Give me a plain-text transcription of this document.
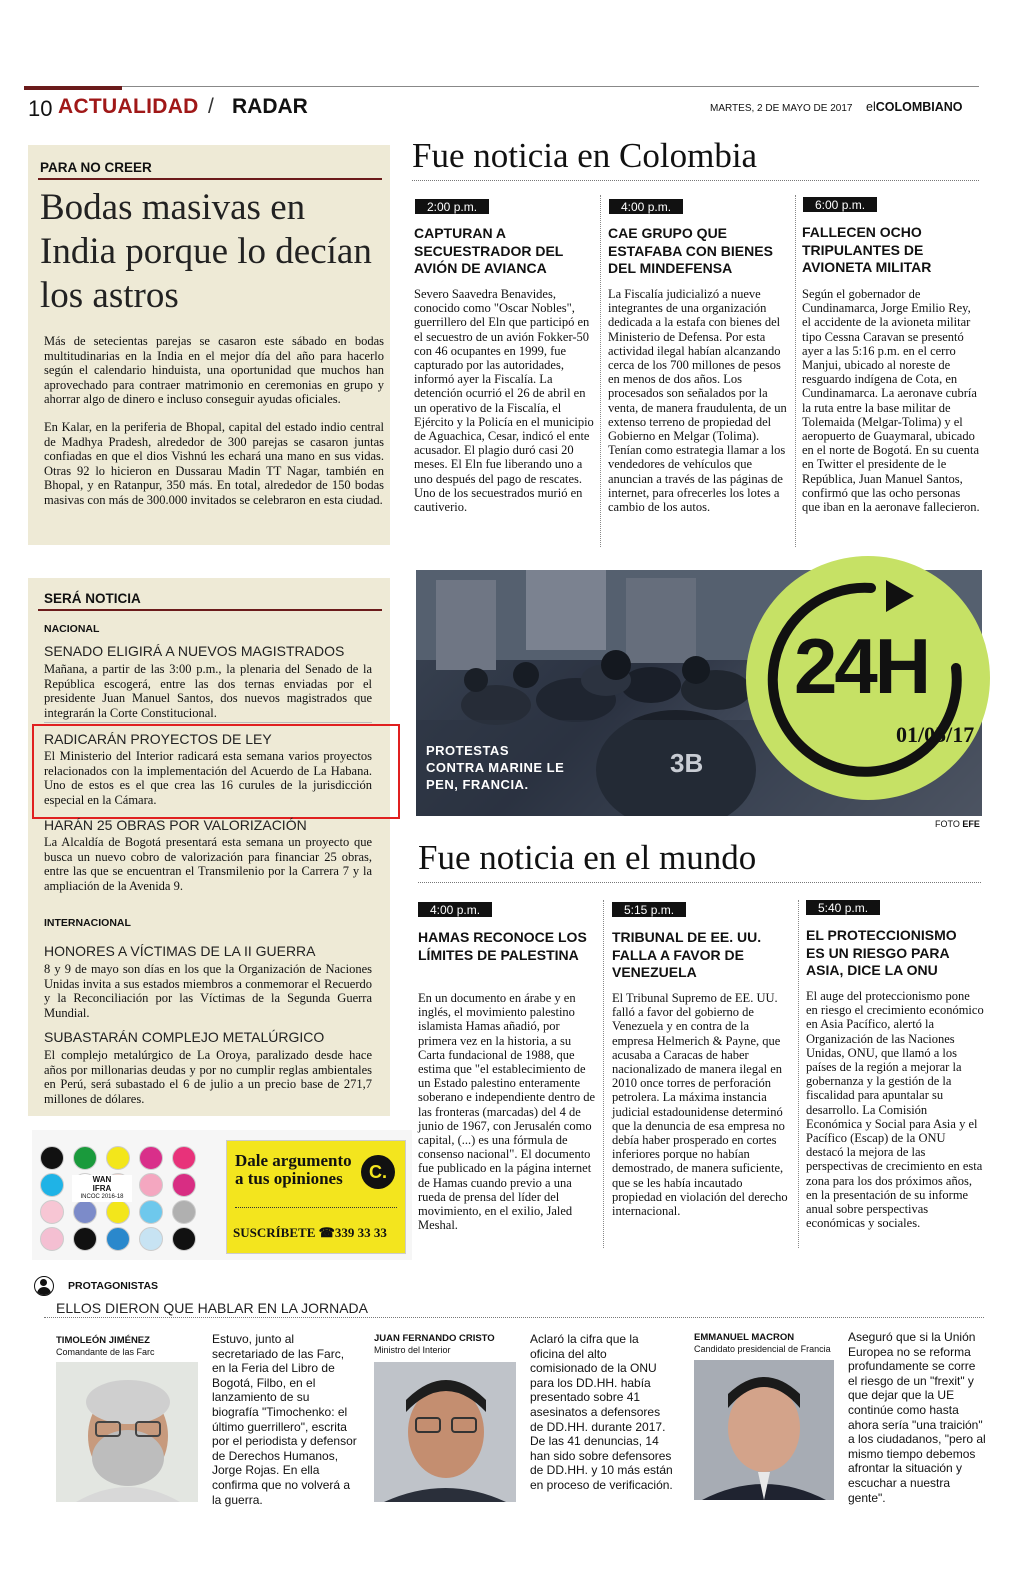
10 ACTUALIDAD / RADAR	MARTES, 2 DE MAYO DE 2017 elCOLOMBIANO
PARA NO CREER
Bodas masivas en India porque lo decían los astros
Más de setecientas parejas se casaron este sábado en bodas multitudinarias en la India en el mejor día del año para hacerlo según el calendario hinduista, una oportunidad que muchos han aprovechado para contraer matrimonio en ceremonias en grupo y ahorrar algo de dinero e incluso conseguir ayudas oficiales.
En Kalar, en la periferia de Bhopal, capital del estado indio central de Madhya Pradesh, alrededor de 300 parejas se casaron juntas confiadas en que el dios Vishnú les echará una mano en sus vidas. Otras 92 lo hicieron en Dussarau Madin TT Nagar, también en Bhopal, y en Ratanpur, 350 más. En total, alrededor de 150 bodas masivas con más de 300.000 invitados se celebraron en esta ciudad.
Fue noticia en Colombia
2:00 p.m.
CAPTURAN A SECUESTRADOR DEL AVIÓN DE AVIANCA
Severo Saavedra Benavides, conocido como "Oscar Nobles", guerrillero del Eln que participó en el secuestro de un avión Fokker-50 con 46 ocupantes en 1999, fue capturado por las autoridades, informó ayer la Fiscalía. La detención ocurrió el 26 de abril en un operativo de la Fiscalía, el Ejército y la Policía en el municipio de Aguachica, Cesar, indicó el ente acusador. El plagio duró casi 20 meses. El Eln fue liberando uno a uno después del pago de rescates. Uno de los secuestrados murió en cautiverio.
4:00 p.m.
CAE GRUPO QUE ESTAFABA CON BIENES DEL MINDEFENSA
La Fiscalía judicializó a nueve integrantes de una organización dedicada a la estafa con bienes del Ministerio de Defensa. Por esta actividad ilegal habían alcanzando cerca de los 700 millones de pesos en menos de dos años. Los procesados son señalados por la venta, de manera fraudulenta, de un extenso terreno de propiedad del Gobierno en Melgar (Tolima). Tenían como estrategia llamar a los vendedores de vehículos que anuncian a través de las páginas de internet, para ofrecerles los lotes a cambio de los autos.
6:00 p.m.
FALLECEN OCHO TRIPULANTES DE AVIONETA MILITAR
Según el gobernador de Cundinamarca, Jorge Emilio Rey, el accidente de la avioneta militar tipo Cessna Caravan se presentó ayer a las 5:16 p.m. en el cerro Manjui, ubicado al noreste de resguardo indígena de Cota, en Cundinamarca. La aeronave cubría la ruta entre la base militar de Tolemaida (Melgar-Tolima) y el aeropuerto de Guaymaral, ubicado en el norte de Bogotá. En su cuenta en Twitter el presidente de le República, Juan Manuel Santos, confirmó que las ocho personas que iban en la aeronave fallecieron.
SERÁ NOTICIA
NACIONAL
SENADO ELIGIRÁ A NUEVOS MAGISTRADOS
Mañana, a partir de las 3:00 p.m., la plenaria del Senado de la República escogerá, entre las dos ternas enviadas por el presidente Juan Manuel Santos, dos nuevos magistrados que integrarán la Corte Constitucional.
RADICARÁN PROYECTOS DE LEY
El Ministerio del Interior radicará esta semana varios proyectos relacionados con la implementación del Acuerdo de La Habana. Uno de estos es el que crea las 16 curules de la jurisdicción especial en la Cámara.
HARÁN 25 OBRAS POR VALORIZACIÓN
La Alcaldía de Bogotá presentará esta semana un proyecto que busca un nuevo cobro de valorización para financiar 25 obras, entre las que se encuentran el Transmilenio por la Carrera 7 y la ampliación de la Avenida 9.
INTERNACIONAL
HONORES A VÍCTIMAS DE LA II GUERRA
8 y 9 de mayo son días en los que la Organización de Naciones Unidas invita a sus estados miembros a conmemorar el Recuerdo y la Reconciliación por las Víctimas de la Segunda Guerra Mundial.
SUBASTARÁN COMPLEJO METALÚRGICO
El complejo metalúrgico de La Oroya, paralizado desde hace años por millonarias deudas y por no cumplir reglas ambientales en Perú, será subastado el 6 de julio a un precio base de 271,7 millones de dólares.
3B
PROTESTAS CONTRA MARINE LE PEN, FRANCIA.
24H
01/05/17
FOTO EFE
Fue noticia en el mundo
4:00 p.m.
HAMAS RECONOCE LOS LÍMITES DE PALESTINA
En un documento en árabe y en inglés, el movimiento palestino islamista Hamas añadió, por primera vez en la historia, a su Carta fundacional de 1988, que estima que "el establecimiento de un Estado palestino enteramente soberano e independiente dentro de las fronteras (marcadas) del 4 de junio de 1967, con Jerusalén como capital, (...) es una fórmula de consenso nacional". El documento fue publicado en la página internet de Hamas cuando previo a una rueda de prensa del líder del movimiento, en el exilio, Jaled Meshal.
5:15 p.m.
TRIBUNAL DE EE. UU. FALLA A FAVOR DE VENEZUELA
El Tribunal Supremo de EE. UU. falló a favor del gobierno de Venezuela y en contra de la empresa Helmerich & Payne, que acusaba a Caracas de haber nacionalizado de manera ilegal en 2010 once torres de perforación petrolera. La máxima instancia judicial estadounidense determinó que la denuncia de esa empresa no debía haber prosperado en cortes inferiores porque no habían demostrado, de manera suficiente, que se les había incautado propiedad en violación del derecho internacional.
5:40 p.m.
EL PROTECCIONISMO ES UN RIESGO PARA ASIA, DICE LA ONU
El auge del proteccionismo pone en riesgo el crecimiento económico en Asia Pacífico, alertó la Organización de las Naciones Unidas, ONU, que llamó a los países de la región a mejorar la gobernanza y la gestión de la fiscalidad para apuntalar su desarrollo. La Comisión Económica y Social para Asia y el Pacífico (Escap) de la ONU destacó la mejora de las perspectivas de crecimiento en esta zona para los dos próximos años, en la presentación de su informe anual sobre perspectivas económicas y sociales.
WAN
IFRA
INCOC 2016-18
Dale argumento
a tus opiniones	C.
SUSCRÍBETE ☎339 33 33
PROTAGONISTAS
ELLOS DIERON QUE HABLAR EN LA JORNADA
TIMOLEÓN JIMÉNEZ
Comandante de las Farc
Estuvo, junto al secretariado de las Farc, en la Feria del Libro de Bogotá, Filbo, en el lanzamiento de su biografía "Timochenko: el último guerrillero", escrita por el periodista y defensor de Derechos Humanos, Jorge Rojas. En ella confirma que no volverá a la guerra.
JUAN FERNANDO CRISTO
Ministro del Interior
Aclaró la cifra que la oficina del alto comisionado de la ONU para los DD.HH. había presentado sobre 41 asesinatos a defensores de DD.HH. durante 2017. De las 41 denuncias, 14 han sido sobre defensores de DD.HH. y 10 más están en proceso de verificación.
EMMANUEL MACRON
Candidato presidencial de Francia
Aseguró que si la Unión Europea no se reforma profundamente se corre el riesgo de un "frexit" y que dejar que la UE continúe como hasta ahora sería "una traición" a los ciudadanos, "pero al mismo tiempo debemos afrontar la situación y escuchar a nuestra gente".
